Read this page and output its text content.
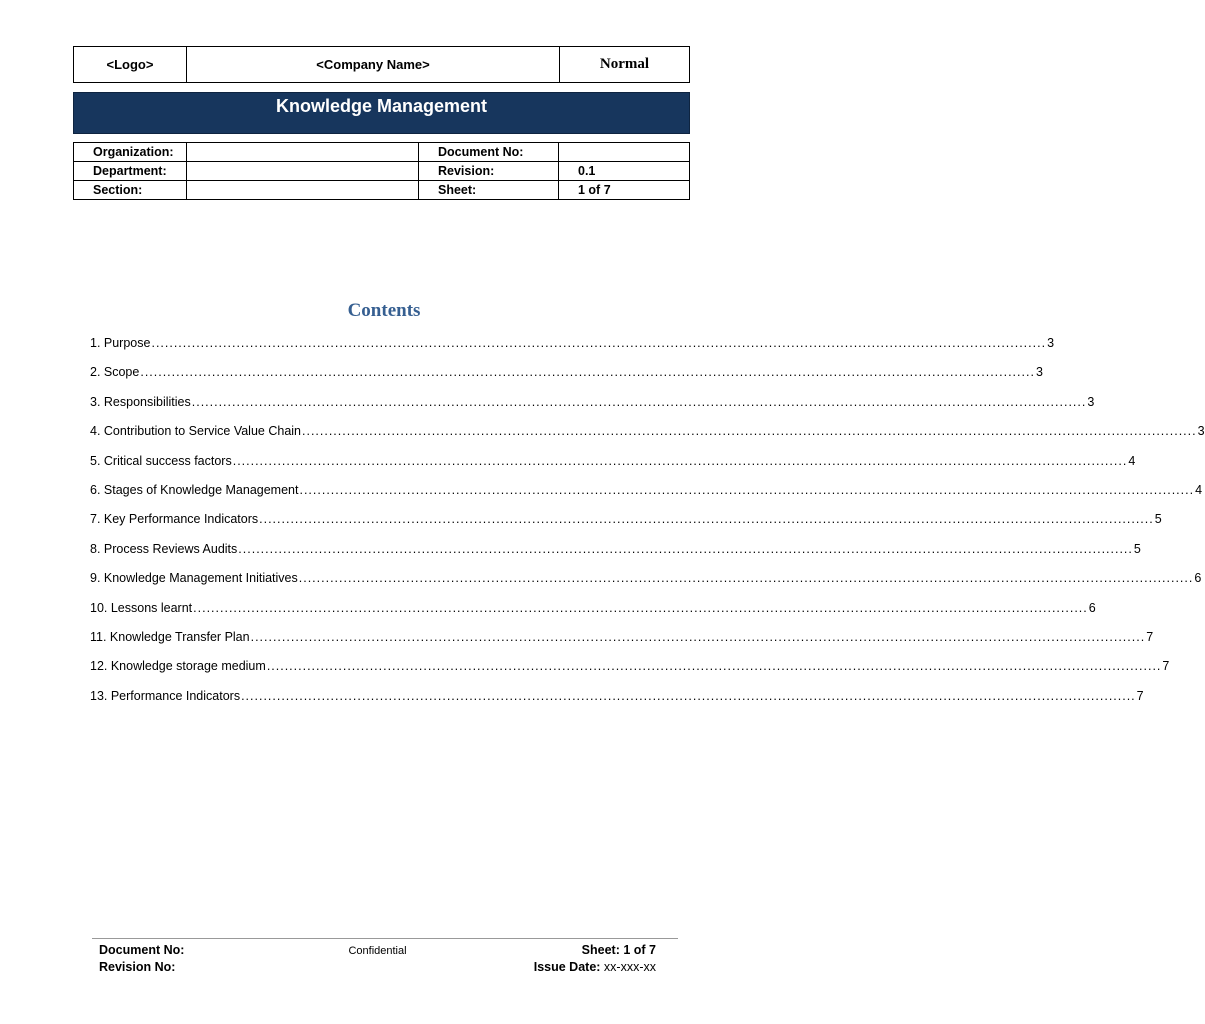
<Logo>	<Company Name>	Normal
Knowledge Management
Organization:		Document No:	
Department:		Revision:	0.1
Section:		Sheet:	1 of 7
Contents
1. Purpose ........................................................................................................................................................................................................ 3
2. Scope ........................................................................................................................................................................................................ 3
3. Responsibilities ........................................................................................................................................................................................................ 3
4. Contribution to Service Value Chain ........................................................................................................................................................................................................ 3
5. Critical success factors ........................................................................................................................................................................................................ 4
6. Stages of Knowledge Management ........................................................................................................................................................................................................ 4
7. Key Performance Indicators ........................................................................................................................................................................................................ 5
8. Process Reviews Audits ........................................................................................................................................................................................................ 5
9. Knowledge Management Initiatives ........................................................................................................................................................................................................ 6
10. Lessons learnt ........................................................................................................................................................................................................ 6
11. Knowledge Transfer Plan ........................................................................................................................................................................................................ 7
12. Knowledge storage medium ........................................................................................................................................................................................................ 7
13. Performance Indicators ........................................................................................................................................................................................................ 7
Document No:	Confidential	Sheet: 1 of 7
Revision No:	Issue Date: xx-xxx-xx
